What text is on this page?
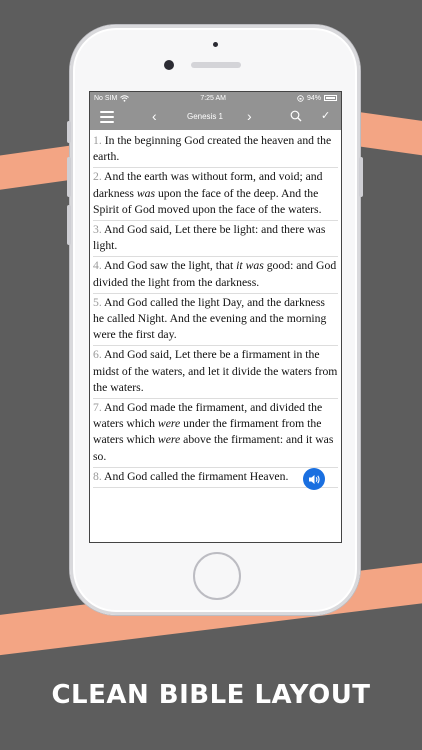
No SIM	7:25 AM	94%
‹	Genesis 1	›	✓
1. In the beginning God created the heaven and the earth.
2. And the earth was without form, and void; and darkness was upon the face of the deep. And the Spirit of God moved upon the face of the waters.
3. And God said, Let there be light: and there was light.
4. And God saw the light, that it was good: and God divided the light from the darkness.
5. And God called the light Day, and the darkness he called Night. And the evening and the morning were the first day.
6. And God said, Let there be a firmament in the midst of the waters, and let it divide the waters from the waters.
7. And God made the firmament, and divided the waters which were under the firmament from the waters which were above the firmament: and it was so.
8. And God called the firmament Heaven.
CLEAN BIBLE LAYOUT
